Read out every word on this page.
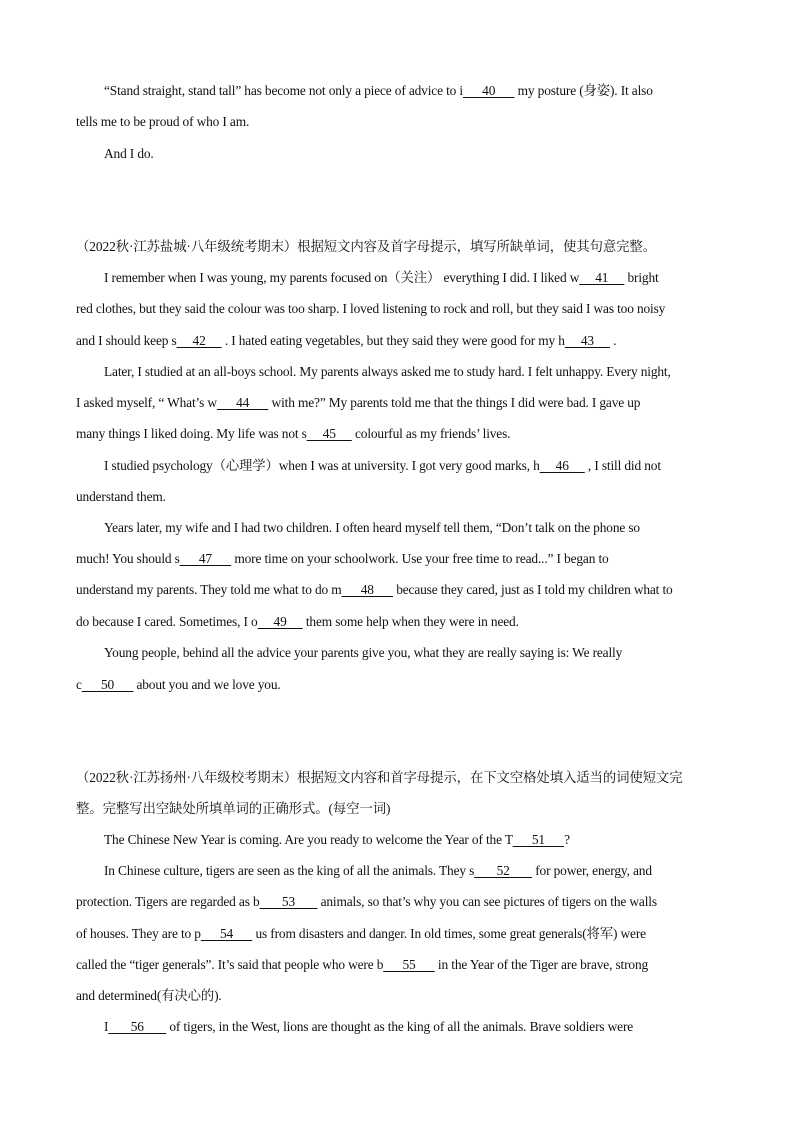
“Stand straight, stand tall” has become not only a piece of advice to i      40       my posture (身姿). It also
tells me to be proud of who I am.
And I do.
（2022秋·江苏盐城·八年级统考期末）根据短文内容及首字母提示，填写所缺单词，使其句意完整。
I remember when I was young, my parents focused on（关注） everything I did. I liked w     41      bright
red clothes, but they said the colour was too sharp. I loved listening to rock and roll, but they said I was too noisy
and I should keep s     42      . I hated eating vegetables, but they said they were good for my h     43      .
Later, I studied at an all-boys school. My parents always asked me to study hard. I felt unhappy. Every night,
I asked myself, “ What’s w      44       with me?” My parents told me that the things I did were bad. I gave up
many things I liked doing. My life was not s     45      colourful as my friends’ lives.
I studied psychology（心理学）when I was at university. I got very good marks, h     46      , I still did not
understand them.
Years later, my wife and I had two children. I often heard myself tell them, “Don’t talk on the phone so
much! You should s      47       more time on your schoolwork. Use your free time to read...” I began to
understand my parents. They told me what to do m      48       because they cared, just as I told my children what to
do because I cared. Sometimes, I o     49      them some help when they were in need.
Young people, behind all the advice your parents give you, what they are really saying is: We really
c      50       about you and we love you.
（2022秋·江苏扬州·八年级校考期末）根据短文内容和首字母提示，在下文空格处填入适当的词使短文完
整。完整写出空缺处所填单词的正确形式。(每空一词)
The Chinese New Year is coming. Are you ready to welcome the Year of the T      51      ?
In Chinese culture, tigers are seen as the king of all the animals. They s       52        for power, energy, and
protection. Tigers are regarded as b       53        animals, so that’s why you can see pictures of tigers on the walls
of houses. They are to p      54       us from disasters and danger. In old times, some great generals(将军) were
called the “tiger generals”. It’s said that people who were b      55       in the Year of the Tiger are brave, strong
and determined(有决心的).
I       56        of tigers, in the West, lions are thought as the king of all the animals. Brave soldiers were
